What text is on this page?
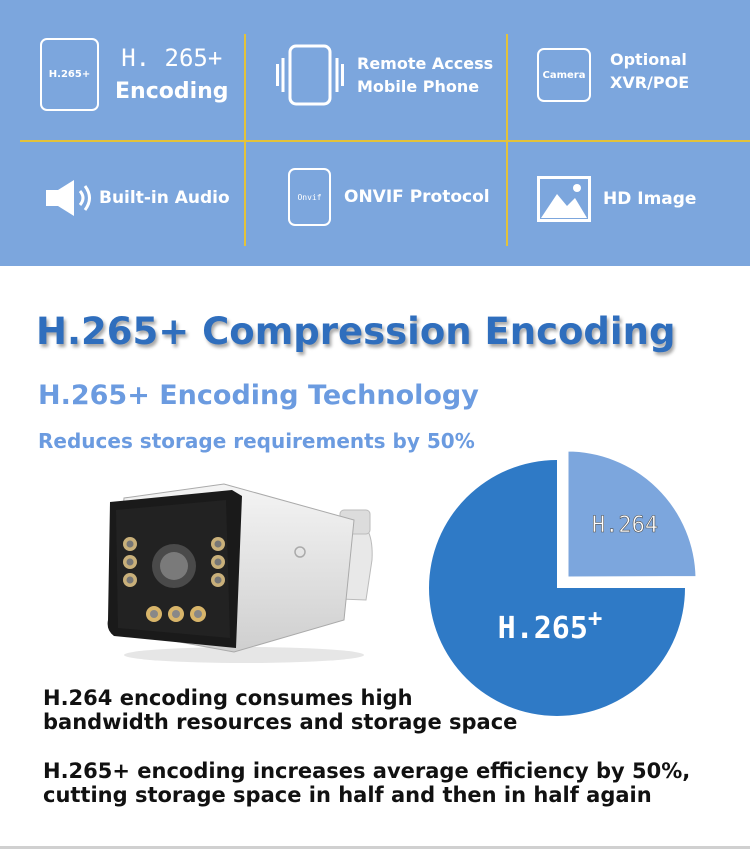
H.265+
H. 265+
Encoding
Remote Access
Mobile Phone
Camera
Optional
XVR/POE
Built-in Audio	Onvif ONVIF Protocol	HD Image
H.265+ Compression Encoding
H.265+ Encoding Technology
Reduces storage requirements by 50%
H.264
H.265+
H.264 encoding consumes high
bandwidth resources and storage space
H.265+ encoding increases average efficiency by 50%,
cutting storage space in half and then in half again
